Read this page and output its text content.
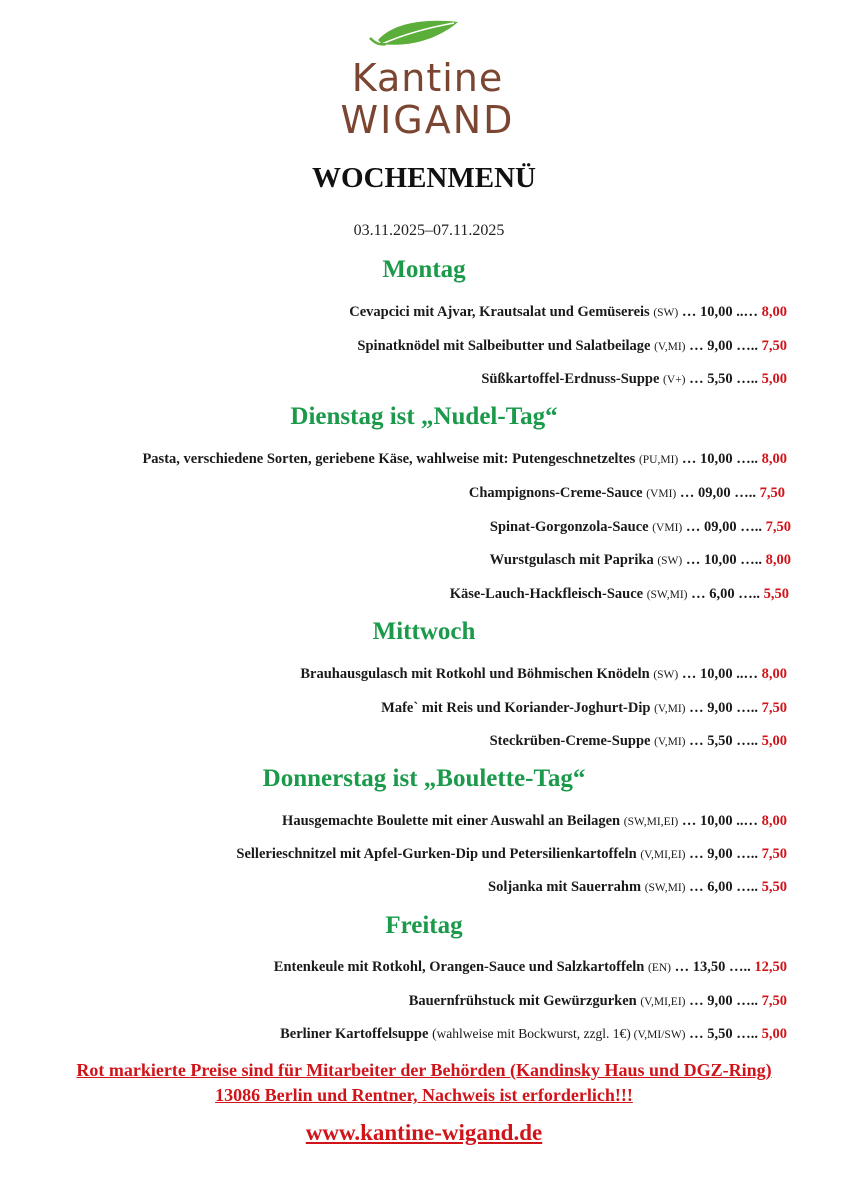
Kantine
WIGAND
WOCHENMENÜ
03.11.2025–07.11.2025
Montag
Cevapcici mit Ajvar, Krautsalat und Gemüsereis (SW) … 10,00 ..… 8,00
Spinatknödel mit Salbeibutter und Salatbeilage (V,MI) … 9,00 ….. 7,50
Süßkartoffel-Erdnuss-Suppe (V+) … 5,50 ….. 5,00
Dienstag ist „Nudel-Tag“
Pasta, verschiedene Sorten, geriebene Käse, wahlweise mit: Putengeschnetzeltes (PU,MI) … 10,00 ….. 8,00
Champignons-Creme-Sauce (VMI) … 09,00 ….. 7,50
Spinat-Gorgonzola-Sauce (VMI) … 09,00 ….. 7,50
Wurstgulasch mit Paprika (SW) … 10,00 ….. 8,00
Käse-Lauch-Hackfleisch-Sauce (SW,MI) … 6,00 ….. 5,50
Mittwoch
Brauhausgulasch mit Rotkohl und Böhmischen Knödeln (SW) … 10,00 ..… 8,00
Mafe` mit Reis und Koriander-Joghurt-Dip (V,MI) … 9,00 ….. 7,50
Steckrüben-Creme-Suppe (V,MI) … 5,50 ….. 5,00
Donnerstag ist „Boulette-Tag“
Hausgemachte Boulette mit einer Auswahl an Beilagen (SW,MI,EI) … 10,00 ..… 8,00
Sellerieschnitzel mit Apfel-Gurken-Dip und Petersilienkartoffeln (V,MI,EI) … 9,00 ….. 7,50
Soljanka mit Sauerrahm (SW,MI) … 6,00 ….. 5,50
Freitag
Entenkeule mit Rotkohl, Orangen-Sauce und Salzkartoffeln (EN) … 13,50 ….. 12,50
Bauernfrühstuck mit Gewürzgurken (V,MI,EI) … 9,00 ….. 7,50
Berliner Kartoffelsuppe (wahlweise mit Bockwurst, zzgl. 1€) (V,MI/SW) … 5,50 ….. 5,00
Rot markierte Preise sind für Mitarbeiter der Behörden (Kandinsky Haus und DGZ-Ring)
13086 Berlin und Rentner, Nachweis ist erforderlich!!!
www.kantine-wigand.de
